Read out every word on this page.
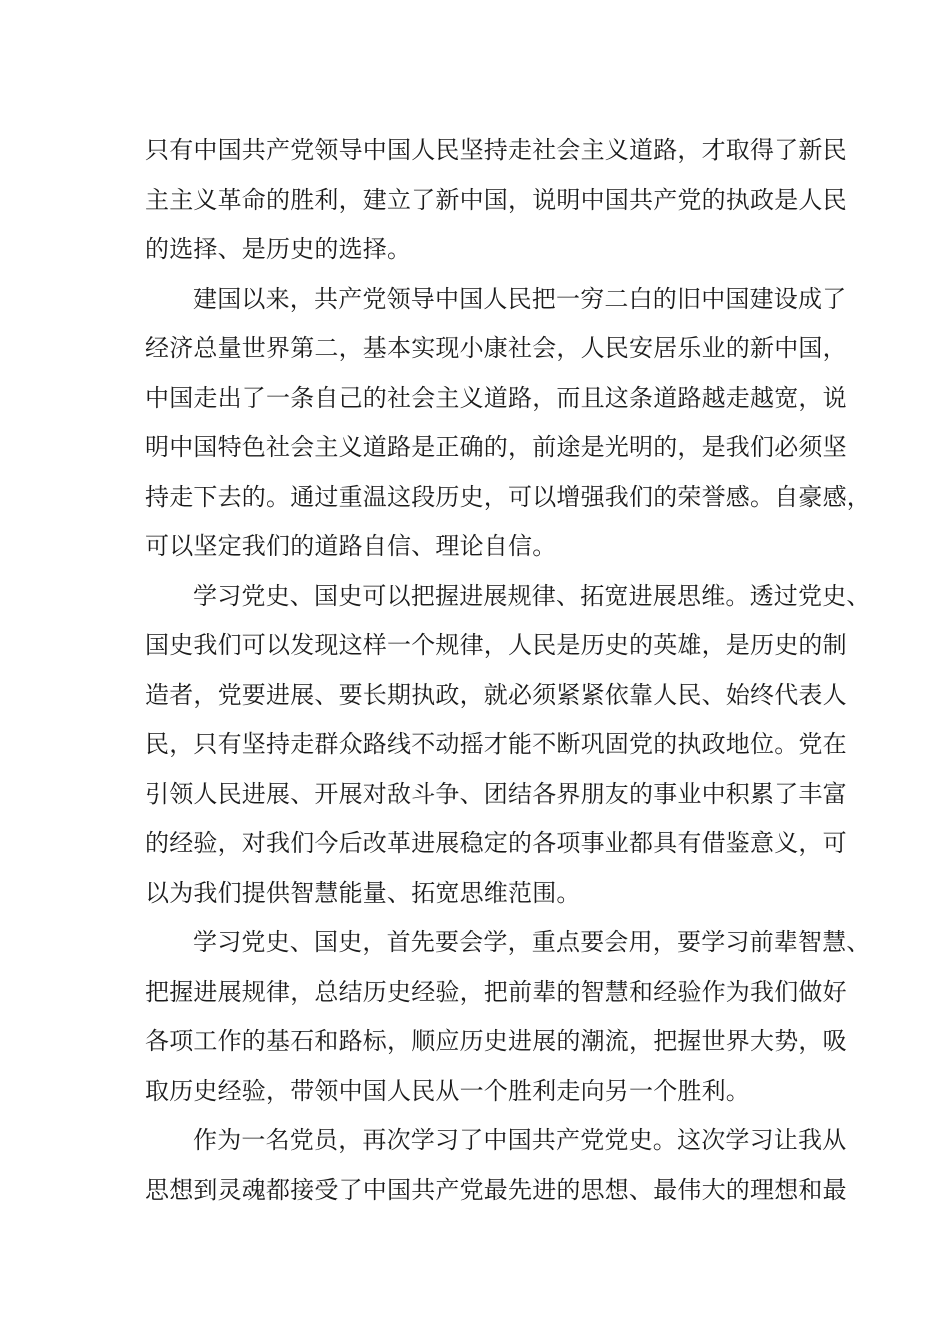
只有中国共产党领导中国人民坚持走社会主义道路，才取得了新民
主主义革命的胜利，建立了新中国，说明中国共产党的执政是人民
的选择、是历史的选择。
建国以来，共产党领导中国人民把一穷二白的旧中国建设成了
经济总量世界第二，基本实现小康社会，人民安居乐业的新中国，
中国走出了一条自己的社会主义道路，而且这条道路越走越宽，说
明中国特色社会主义道路是正确的，前途是光明的，是我们必须坚
持走下去的。通过重温这段历史，可以增强我们的荣誉感。自豪感，
可以坚定我们的道路自信、理论自信。
学习党史、国史可以把握进展规律、拓宽进展思维。透过党史、
国史我们可以发现这样一个规律，人民是历史的英雄，是历史的制
造者，党要进展、要长期执政，就必须紧紧依靠人民、始终代表人
民，只有坚持走群众路线不动摇才能不断巩固党的执政地位。党在
引领人民进展、开展对敌斗争、团结各界朋友的事业中积累了丰富
的经验，对我们今后改革进展稳定的各项事业都具有借鉴意义，可
以为我们提供智慧能量、拓宽思维范围。
学习党史、国史，首先要会学，重点要会用，要学习前辈智慧、
把握进展规律，总结历史经验，把前辈的智慧和经验作为我们做好
各项工作的基石和路标，顺应历史进展的潮流，把握世界大势，吸
取历史经验，带领中国人民从一个胜利走向另一个胜利。
作为一名党员，再次学习了中国共产党党史。这次学习让我从
思想到灵魂都接受了中国共产党最先进的思想、最伟大的理想和最
